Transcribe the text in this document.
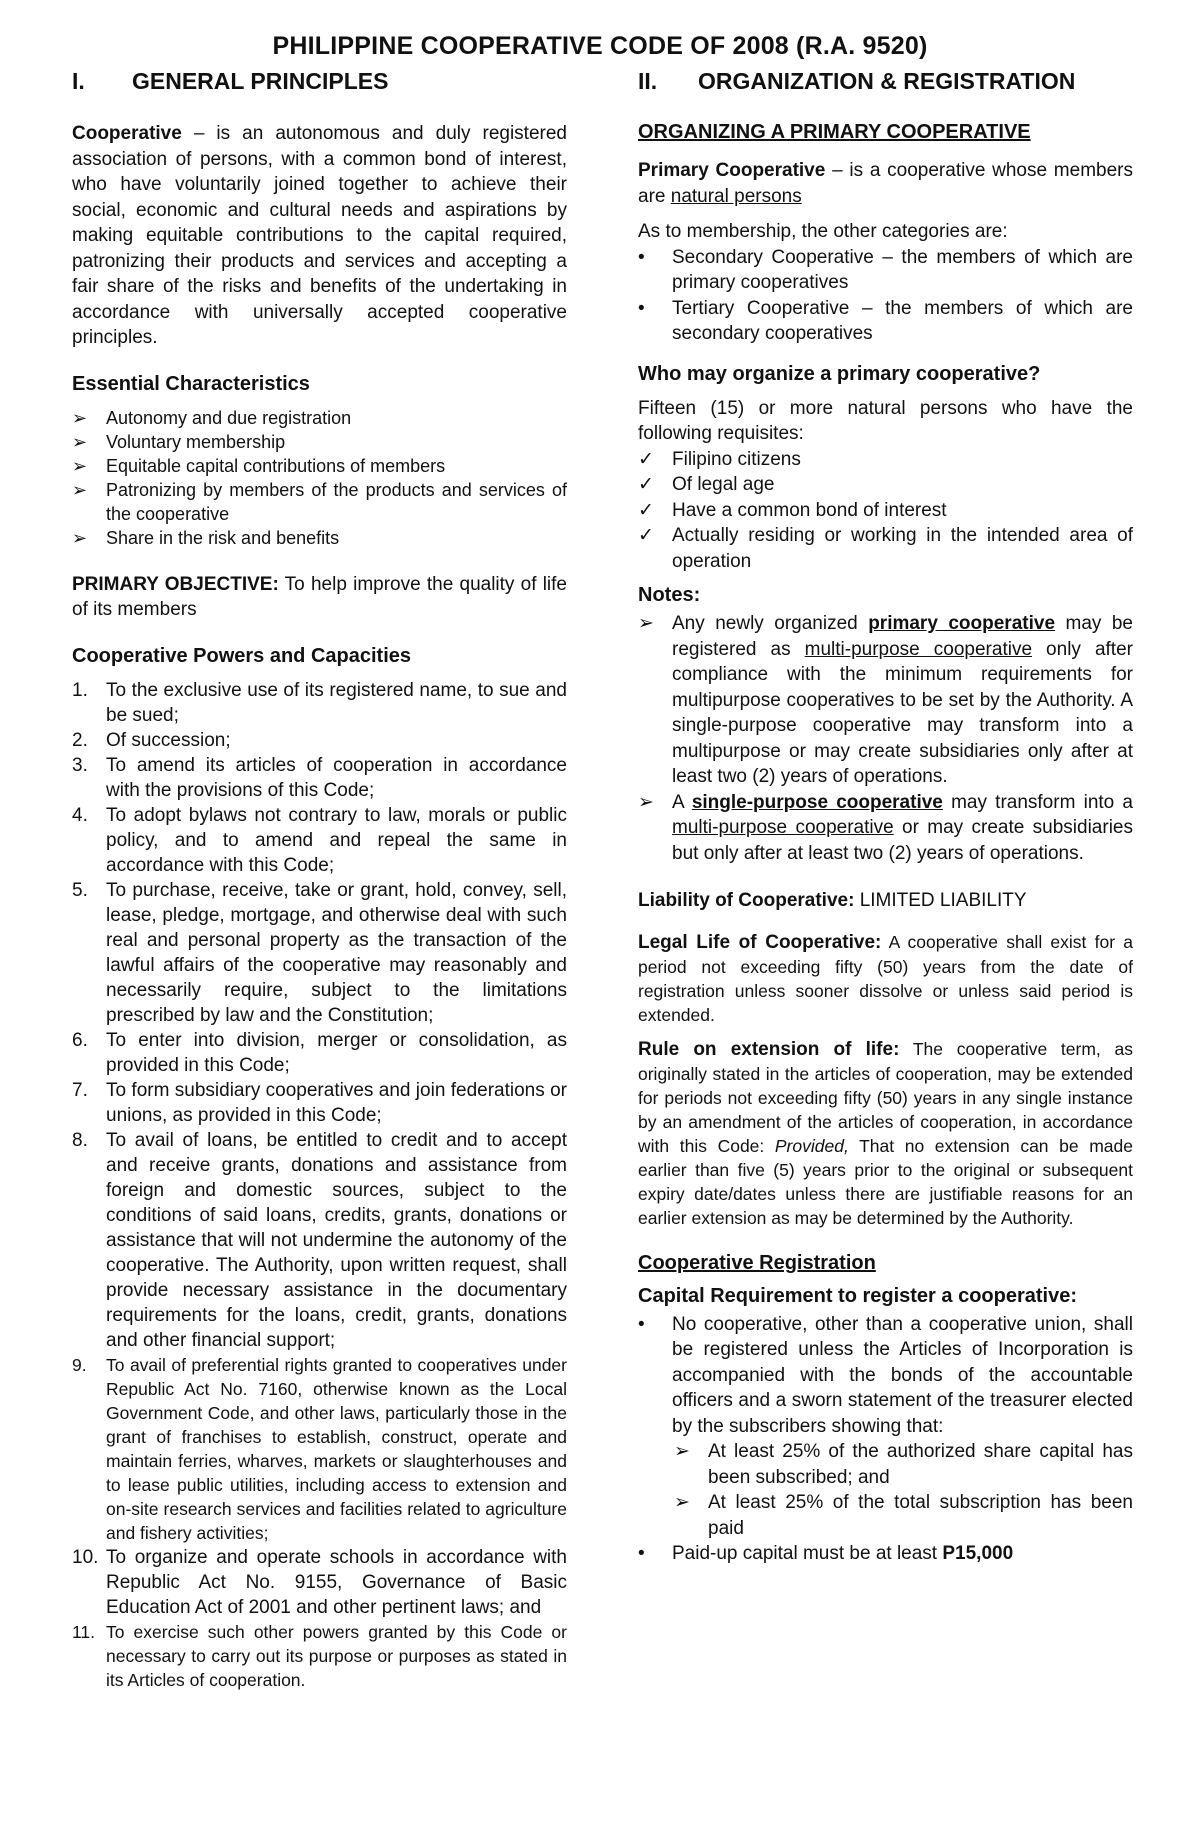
PHILIPPINE COOPERATIVE CODE OF 2008 (R.A. 9520)
I. GENERAL PRINCIPLES

Cooperative – is an autonomous and duly registered association of persons, with a common bond of interest, who have voluntarily joined together to achieve their social, economic and cultural needs and aspirations by making equitable contributions to the capital required, patronizing their products and services and accepting a fair share of the risks and benefits of the undertaking in accordance with universally accepted cooperative principles.

Essential Characteristics
➢	Autonomy and due registration
➢	Voluntary membership
➢	Equitable capital contributions of members
➢	Patronizing by members of the products and services of the cooperative
➢	Share in the risk and benefits

PRIMARY OBJECTIVE: To help improve the quality of life of its members

Cooperative Powers and Capacities
1. To the exclusive use of its registered name, to sue and be sued;
2. Of succession;
3. To amend its articles of cooperation in accordance with the provisions of this Code;
4. To adopt bylaws not contrary to law, morals or public policy, and to amend and repeal the same in accordance with this Code;
5. To purchase, receive, take or grant, hold, convey, sell, lease, pledge, mortgage, and otherwise deal with such real and personal property as the transaction of the lawful affairs of the cooperative may reasonably and necessarily require, subject to the limitations prescribed by law and the Constitution;
6. To enter into division, merger or consolidation, as provided in this Code;
7. To form subsidiary cooperatives and join federations or unions, as provided in this Code;
8. To avail of loans, be entitled to credit and to accept and receive grants, donations and assistance from foreign and domestic sources, subject to the conditions of said loans, credits, grants, donations or assistance that will not undermine the autonomy of the cooperative. The Authority, upon written request, shall provide necessary assistance in the documentary requirements for the loans, credit, grants, donations and other financial support;
9. To avail of preferential rights granted to cooperatives under Republic Act No. 7160, otherwise known as the Local Government Code, and other laws, particularly those in the grant of franchises to establish, construct, operate and maintain ferries, wharves, markets or slaughterhouses and to lease public utilities, including access to extension and on-site research services and facilities related to agriculture and fishery activities;
10. To organize and operate schools in accordance with Republic Act No. 9155, Governance of Basic Education Act of 2001 and other pertinent laws; and
11. To exercise such other powers granted by this Code or necessary to carry out its purpose or purposes as stated in its Articles of cooperation.
II. ORGANIZATION & REGISTRATION
ORGANIZING A PRIMARY COOPERATIVE

Primary Cooperative – is a cooperative whose members are natural persons

As to membership, the other categories are:

•	Secondary Cooperative – the members of which are primary cooperatives
•	Tertiary Cooperative – the members of which are secondary cooperatives
Who may organize a primary cooperative?

Fifteen (15) or more natural persons who have the following requisites:

✓ Filipino citizens
✓ Of legal age
✓ Have a common bond of interest
✓ Actually residing or working in the intended area of operation
Notes:
➢ Any newly organized primary cooperative may be registered as multi-purpose cooperative only after compliance with the minimum requirements for multipurpose cooperatives to be set by the Authority. A single-purpose cooperative may transform into a multipurpose or may create subsidiaries only after at least two (2) years of operations.
➢ A single-purpose cooperative may transform into a multi-purpose cooperative or may create subsidiaries but only after at least two (2) years of operations.

Liability of Cooperative: LIMITED LIABILITY

Legal Life of Cooperative: A cooperative shall exist for a period not exceeding fifty (50) years from the date of registration unless sooner dissolve or unless said period is extended.

Rule on extension of life: The cooperative term, as originally stated in the articles of cooperation, may be extended for periods not exceeding fifty (50) years in any single instance by an amendment of the articles of cooperation, in accordance with this Code: Provided, That no extension can be made earlier than five (5) years prior to the original or subsequent expiry date/dates unless there are justifiable reasons for an earlier extension as may be determined by the Authority.

Cooperative Registration
Capital Requirement to register a cooperative:
•	No cooperative, other than a cooperative union, shall be registered unless the Articles of Incorporation is accompanied with the bonds of the accountable officers and a sworn statement of the treasurer elected by the subscribers showing that:
➢ At least 25% of the authorized share capital has been subscribed; and
➢ At least 25% of the total subscription has been paid
•	Paid-up capital must be at least P15,000
